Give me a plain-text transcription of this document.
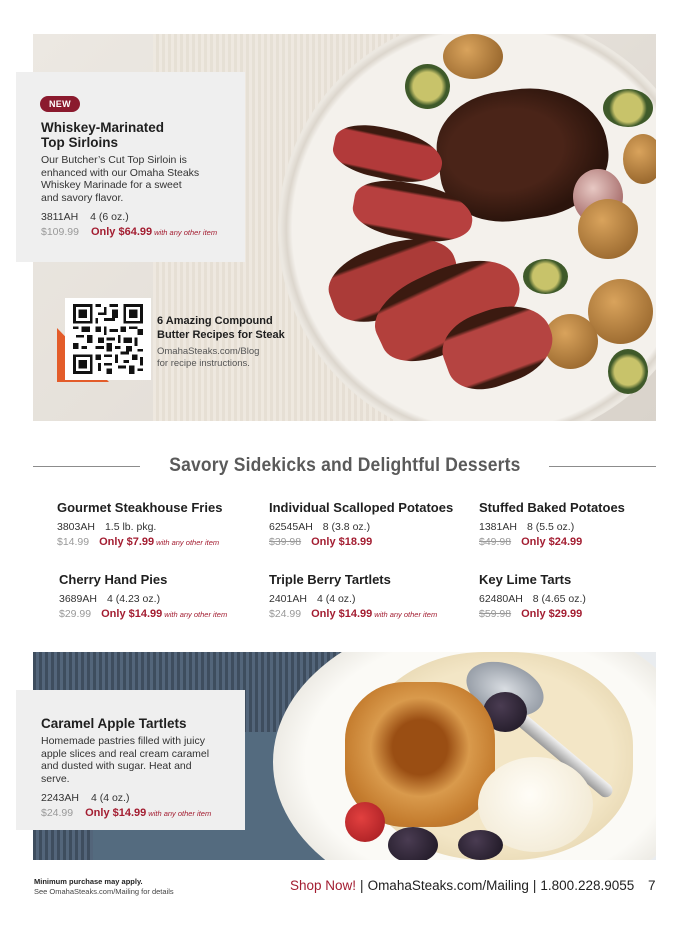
NEW
Whiskey-Marinated
Top Sirloins
Our Butcher’s Cut Top Sirloin is
enhanced with our Omaha Steaks
Whiskey Marinade for a sweet
and savory flavor.
3811AH 4 (6 oz.)
$109.99 Only $64.99 with any other item
6 Amazing Compound
Butter Recipes for Steak
OmahaSteaks.com/Blog
for recipe instructions.
Savory Sidekicks and Delightful Desserts
Gourmet Steakhouse Fries
3803AH 1.5 lb. pkg.
$14.99 Only $7.99 with any other item
Individual Scalloped Potatoes
62545AH 8 (3.8 oz.)
$39.98 Only $18.99
Stuffed Baked Potatoes
1381AH 8 (5.5 oz.)
$49.98 Only $24.99
Cherry Hand Pies
3689AH 4 (4.23 oz.)
$29.99 Only $14.99 with any other item
Triple Berry Tartlets
2401AH 4 (4 oz.)
$24.99 Only $14.99 with any other item
Key Lime Tarts
62480AH 8 (4.65 oz.)
$59.98 Only $29.99
Caramel Apple Tartlets
Homemade pastries filled with juicy
apple slices and real cream caramel
and dusted with sugar. Heat and serve.
2243AH 4 (4 oz.)
$24.99 Only $14.99 with any other item
Minimum purchase may apply.
See OmahaSteaks.com/Mailing for details	Shop Now! | OmahaSteaks.com/Mailing | 1.800.228.9055 7
